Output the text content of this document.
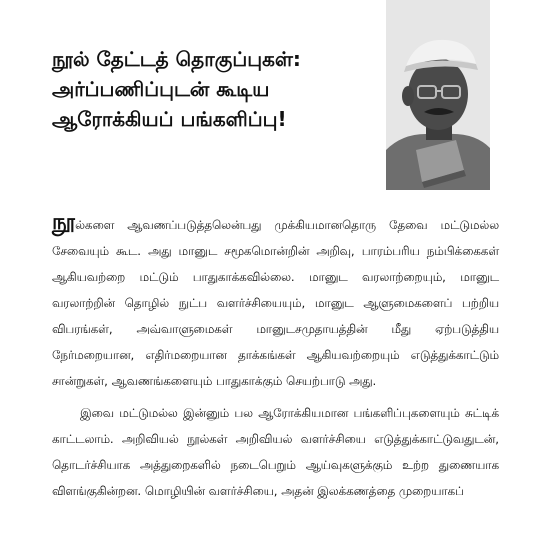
நூல் தேட்டத் தொகுப்புகள்:
அர்ப்பணிப்புடன் கூடிய
ஆரோக்கியப் பங்களிப்பு!

நூல்களை ஆவணப்படுத்தலென்பது முக்கியமானதொரு தேவை மட்டுமல்ல சேவையும் கூட. அது மானுட சமூகமொன்றின் அறிவு, பாரம்பரிய நம்பிக்கைகள் ஆகியவற்றை மட்டும் பாதுகாக்கவில்லை. மானுட வரலாற்றையும், மானுட வரலாற்றின் தொழில் நுட்ப வளர்ச்சியையும், மானுட ஆளுமைகளைப் பற்றிய விபரங்கள், அவ்வாளுமைகள் மானுடசமுதாயத்தின் மீது ஏற்படுத்திய நேர்மறையான, எதிர்மறையான தாக்கங்கள் ஆகியவற்றையும் எடுத்துக்காட்டும் சான்றுகள், ஆவணங்களையும் பாதுகாக்கும் செயற்பாடு அது.

இவை மட்டுமல்ல இன்னும் பல ஆரோக்கியமான பங்களிப்புகளையும் சுட்டிக் காட்டலாம். அறிவியல் நூல்கள் அறிவியல் வளர்ச்சியை எடுத்துக்காட்டுவதுடன், தொடர்ச்சியாக அத்துறைகளில் நடைபெறும் ஆய்வுகளுக்கும் உற்ற துணையாக விளங்குகின்றன. மொழியின் வளர்ச்சியை, அதன் இலக்கணத்தை முறையாகப்
